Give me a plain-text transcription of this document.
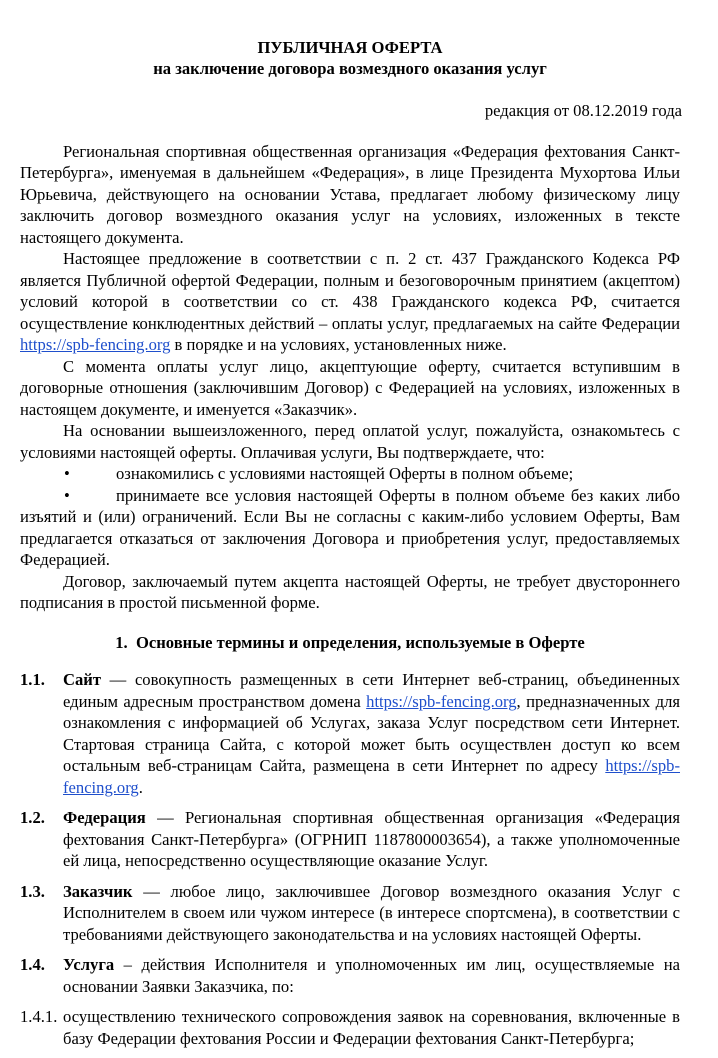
ПУБЛИЧНАЯ ОФЕРТА
на заключение договора возмездного оказания услуг
редакция от 08.12.2019 года

Региональная спортивная общественная организация «Федерация фехтования Санкт-Петербурга», именуемая в дальнейшем «Федерация», в лице Президента Мухортова Ильи Юрьевича, действующего на основании Устава, предлагает любому физическому лицу заключить договор возмездного оказания услуг на условиях, изложенных в тексте настоящего документа.

Настоящее предложение в соответствии с п. 2 ст. 437 Гражданского Кодекса РФ является Публичной офертой Федерации, полным и безоговорочным принятием (акцептом) условий которой в соответствии со ст. 438 Гражданского кодекса РФ, считается осуществление конклюдентных действий – оплаты услуг, предлагаемых на сайте Федерации https://spb-fencing.org в порядке и на условиях, установленных ниже.

С момента оплаты услуг лицо, акцептующие оферту, считается вступившим в договорные отношения (заключившим Договор) с Федерацией на условиях, изложенных в настоящем документе, и именуется «Заказчик».

На основании вышеизложенного, перед оплатой услуг, пожалуйста, ознакомьтесь с условиями настоящей оферты. Оплачивая услуги, Вы подтверждаете, что:

•	ознакомились с условиями настоящей Оферты в полном объеме;

•	принимаете все условия настоящей Оферты в полном объеме без каких либо изъятий и (или) ограничений. Если Вы не согласны с каким-либо условием Оферты, Вам предлагается отказаться от заключения Договора и приобретения услуг, предоставляемых Федерацией.

Договор, заключаемый путем акцепта настоящей Оферты, не требует двустороннего подписания в простой письменной форме.

1.  Основные термины и определения, используемые в Оферте
1.1.	Сайт — совокупность размещенных в сети Интернет веб-страниц, объединенных единым адресным пространством домена https://spb-fencing.org, предназначенных для ознакомления с информацией об Услугах, заказа Услуг посредством сети Интернет. Стартовая страница Сайта, с которой может быть осуществлен доступ ко всем остальным веб-страницам Сайта, размещена в сети Интернет по адресу https://spb-fencing.org.
1.2.	Федерация — Региональная спортивная общественная организация «Федерация фехтования Санкт-Петербурга» (ОГРНИП 1187800003654), а также уполномоченные ей лица, непосредственно осуществляющие оказание Услуг.
1.3.	Заказчик — любое лицо, заключившее Договор возмездного оказания Услуг с Исполнителем в своем или чужом интересе (в интересе спортсмена), в соответствии с требованиями действующего законодательства и на условиях настоящей Оферты.
1.4.	Услуга – действия Исполнителя и уполномоченных им лиц, осуществляемые на основании Заявки Заказчика, по:
1.4.1. осуществлению технического сопровождения заявок на соревнования, включенные в базу Федерации фехтования России и Федерации фехтования Санкт-Петербурга;
